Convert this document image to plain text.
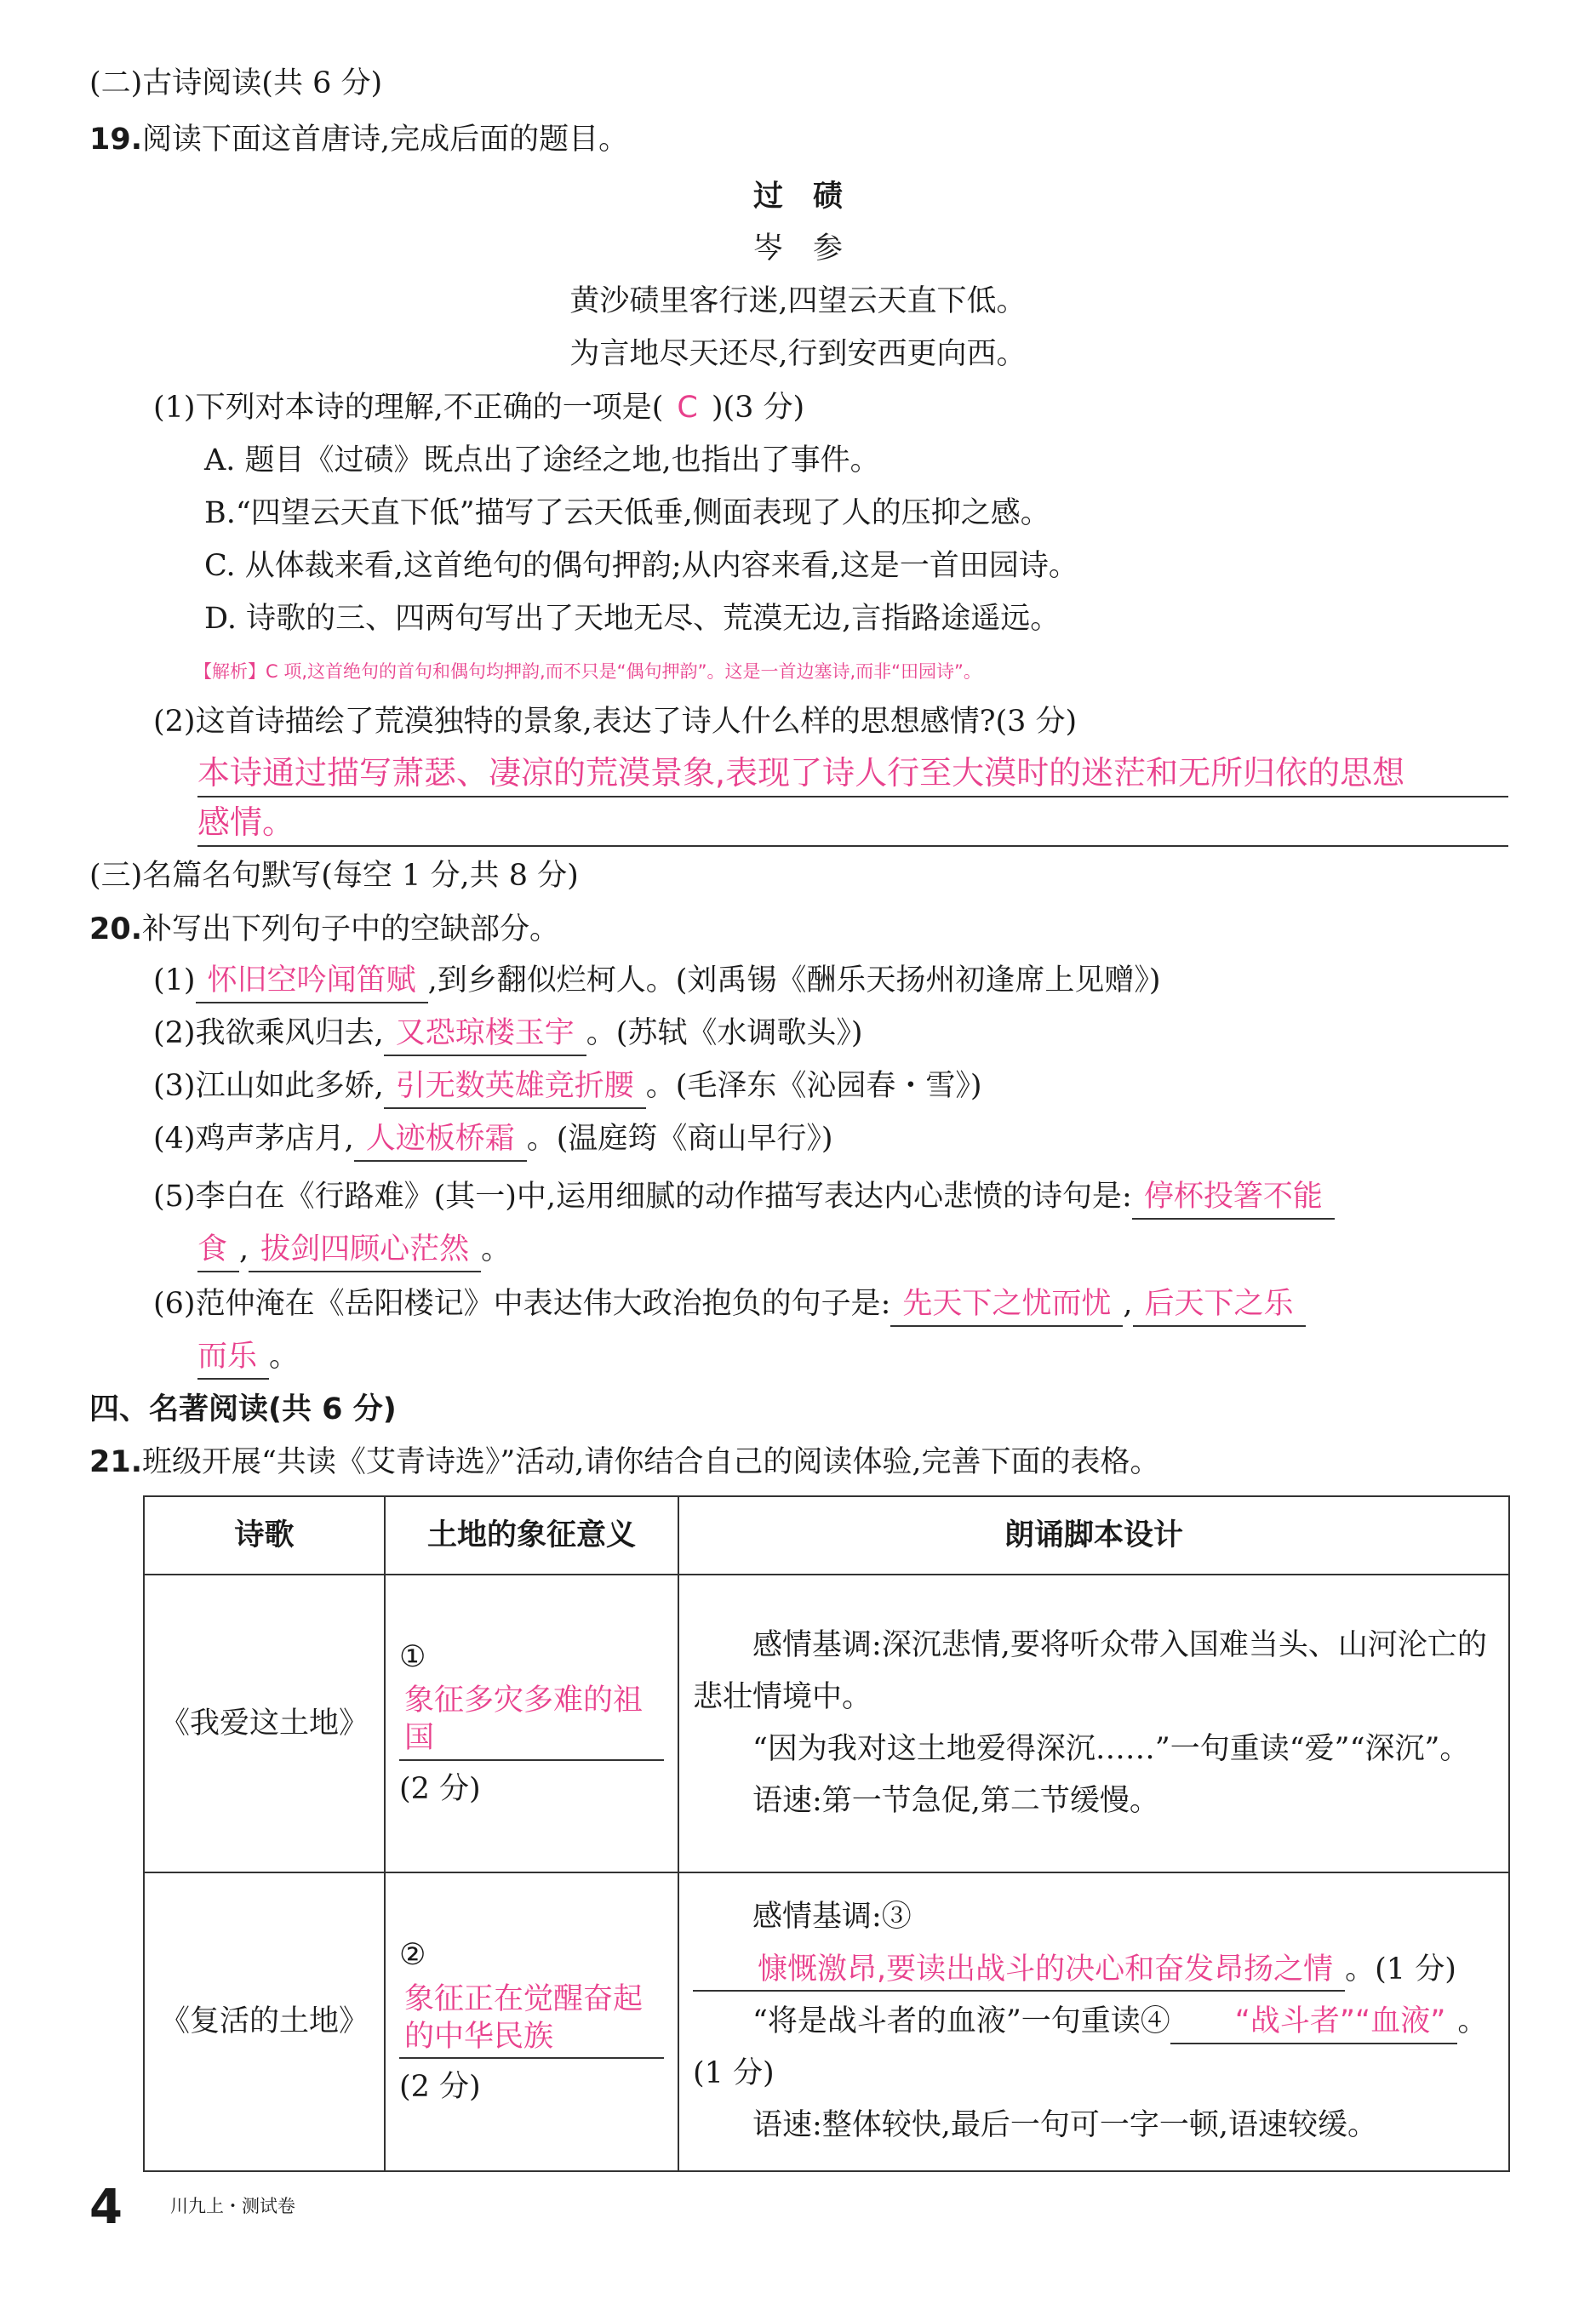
(二)古诗阅读(共 6 分)
19.阅读下面这首唐诗,完成后面的题目。
过　碛
岑　参
黄沙碛里客行迷,四望云天直下低。
为言地尽天还尽,行到安西更向西。
(1)下列对本诗的理解,不正确的一项是( C )(3 分)
A. 题目《过碛》既点出了途经之地,也指出了事件。
B.“四望云天直下低”描写了云天低垂,侧面表现了人的压抑之感。
C. 从体裁来看,这首绝句的偶句押韵;从内容来看,这是一首田园诗。
D. 诗歌的三、四两句写出了天地无尽、荒漠无边,言指路途遥远。
【解析】C 项,这首绝句的首句和偶句均押韵,而不只是“偶句押韵”。这是一首边塞诗,而非“田园诗”。
(2)这首诗描绘了荒漠独特的景象,表达了诗人什么样的思想感情?(3 分)
本诗通过描写萧瑟、凄凉的荒漠景象,表现了诗人行至大漠时的迷茫和无所归依的思想
感情。
(三)名篇名句默写(每空 1 分,共 8 分)
20.补写出下列句子中的空缺部分。
(1) 怀旧空吟闻笛赋 ,到乡翻似烂柯人。(刘禹锡《酬乐天扬州初逢席上见赠》)
(2)我欲乘风归去, 又恐琼楼玉宇 。(苏轼《水调歌头》)
(3)江山如此多娇, 引无数英雄竞折腰 。(毛泽东《沁园春・雪》)
(4)鸡声茅店月, 人迹板桥霜 。(温庭筠《商山早行》)
(5)李白在《行路难》(其一)中,运用细腻的动作描写表达内心悲愤的诗句是: 停杯投箸不能
食 , 拔剑四顾心茫然 。
(6)范仲淹在《岳阳楼记》中表达伟大政治抱负的句子是: 先天下之忧而忧 , 后天下之乐
而乐 。
四、名著阅读(共 6 分)
21.班级开展“共读《艾青诗选》”活动,请你结合自己的阅读体验,完善下面的表格。
诗歌	土地的象征意义	朗诵脚本设计
《我爱这土地》	① 象征多灾多难的祖国(2 分)	感情基调:深沉悲情,要将听众带入国难当头、山河沦亡的悲壮情境中。

“因为我对这土地爱得深沉……”一句重读“爱”“深沉”。

语速:第一节急促,第二节缓慢。

《复活的土地》	② 象征正在觉醒奋起的中华民族(2 分)	感情基调:③慷慨激昂,要读出战斗的决心和奋发昂扬之情 。(1 分)

“将是战斗者的血液”一句重读④ “战斗者”“血液” 。(1 分)

语速:整体较快,最后一句可一字一顿,语速较缓。

4	川九上・测试卷
